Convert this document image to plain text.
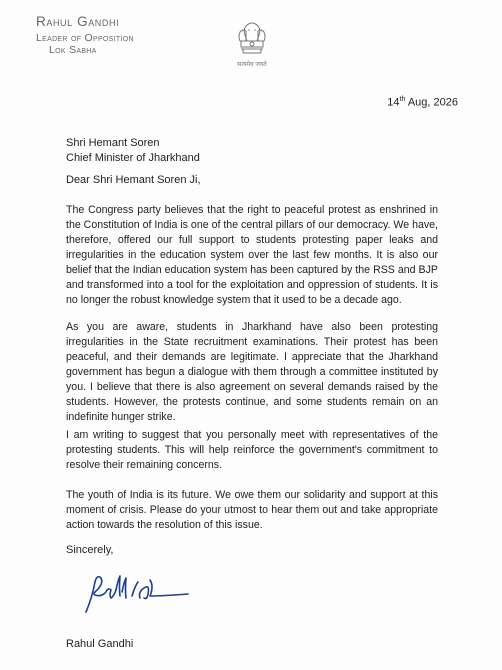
Rahul Gandhi
Leader of Opposition
Lok Sabha
सत्यमेव जयते
14th Aug, 2026
Shri Hemant Soren
Chief Minister of Jharkhand
Dear Shri Hemant Soren Ji,

The Congress party believes that the right to peaceful protest as enshrined in the Constitution of India is one of the central pillars of our democracy. We have, therefore, offered our full support to students protesting paper leaks and irregularities in the education system over the last few months. It is also our belief that the Indian education system has been captured by the RSS and BJP and transformed into a tool for the exploitation and oppression of students. It is no longer the robust knowledge system that it used to be a decade ago.

As you are aware, students in Jharkhand have also been protesting irregularities in the State recruitment examinations. Their protest has been peaceful, and their demands are legitimate. I appreciate that the Jharkhand government has begun a dialogue with them through a committee instituted by you. I believe that there is also agreement on several demands raised by the students. However, the protests continue, and some students remain on an indefinite hunger strike.

I am writing to suggest that you personally meet with representatives of the protesting students. This will help reinforce the government's commitment to resolve their remaining concerns.

The youth of India is its future. We owe them our solidarity and support at this moment of crisis. Please do your utmost to hear them out and take appropriate action towards the resolution of this issue.

Sincerely,
Rahul Gandhi
